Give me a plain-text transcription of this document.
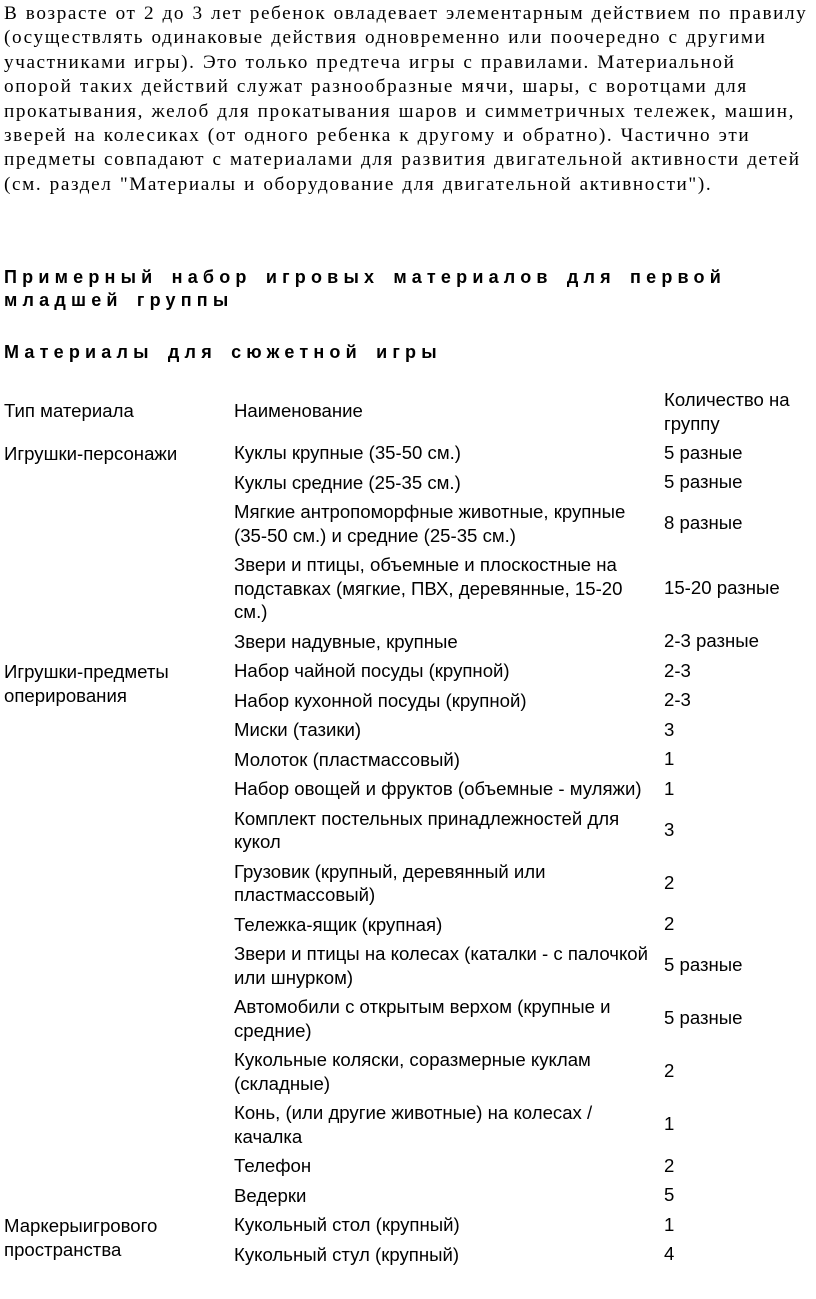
В возрасте от 2 до 3 лет ребенок овладевает элементарным действием по правилу (осуществлять одинаковые действия одновременно или поочередно с другими участниками игры). Это только предтеча игры с правилами. Материальной опорой таких действий служат разнообразные мячи, шары, с воротцами для прокатывания, желоб для прокатывания шаров и симметричных тележек, машин, зверей на колесиках (от одного ребенка к другому и обратно). Частично эти предметы совпадают с материалами для развития двигательной активности детей (см. раздел "Материалы и оборудование для двигательной активности").

Примерный набор игровых материалов для первой младшей группы
Материалы для сюжетной игры
Тип материала	Наименование	Количество на группу
Игрушки-персонажи	Куклы крупные (35-50 см.)	5 разные
	Куклы средние (25-35 см.)	5 разные
	Мягкие антропоморфные животные, крупные (35-50 см.) и средние (25-35 см.)	8 разные
	Звери и птицы, объемные и плоскостные на подставках (мягкие, ПВХ, деревянные, 15-20 см.)	15-20 разные
	Звери надувные, крупные	2-3 разные
Игрушки-предметы оперирования	Набор чайной посуды (крупной)	2-3
	Набор кухонной посуды (крупной)	2-3
	Миски (тазики)	3
	Молоток (пластмассовый)	1
	Набор овощей и фруктов (объемные - муляжи)	1
	Комплект постельных принадлежностей для кукол	3
	Грузовик (крупный, деревянный или пластмассовый)	2
	Тележка-ящик (крупная)	2
	Звери и птицы на колесах (каталки - с палочкой или шнурком)	5 разные
	Автомобили с открытым верхом (крупные и средние)	5 разные
	Кукольные коляски, соразмерные куклам (складные)	2
	Конь, (или другие животные) на колесах / качалка	1
	Телефон	2
	Ведерки	5
Маркерыигрового пространства	Кукольный стол (крупный)	1
	Кукольный стул (крупный)	4
